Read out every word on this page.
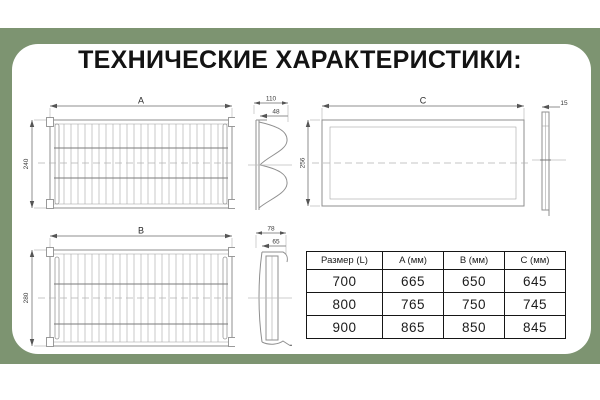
ТЕХНИЧЕСКИЕ ХАРАКТЕРИСТИКИ:
A
240
110
48
C
256
15
B
280
78
65
Размер (L)	A (мм)	B (мм)	C (мм)
700	665	650	645
800	765	750	745
900	865	850	845
